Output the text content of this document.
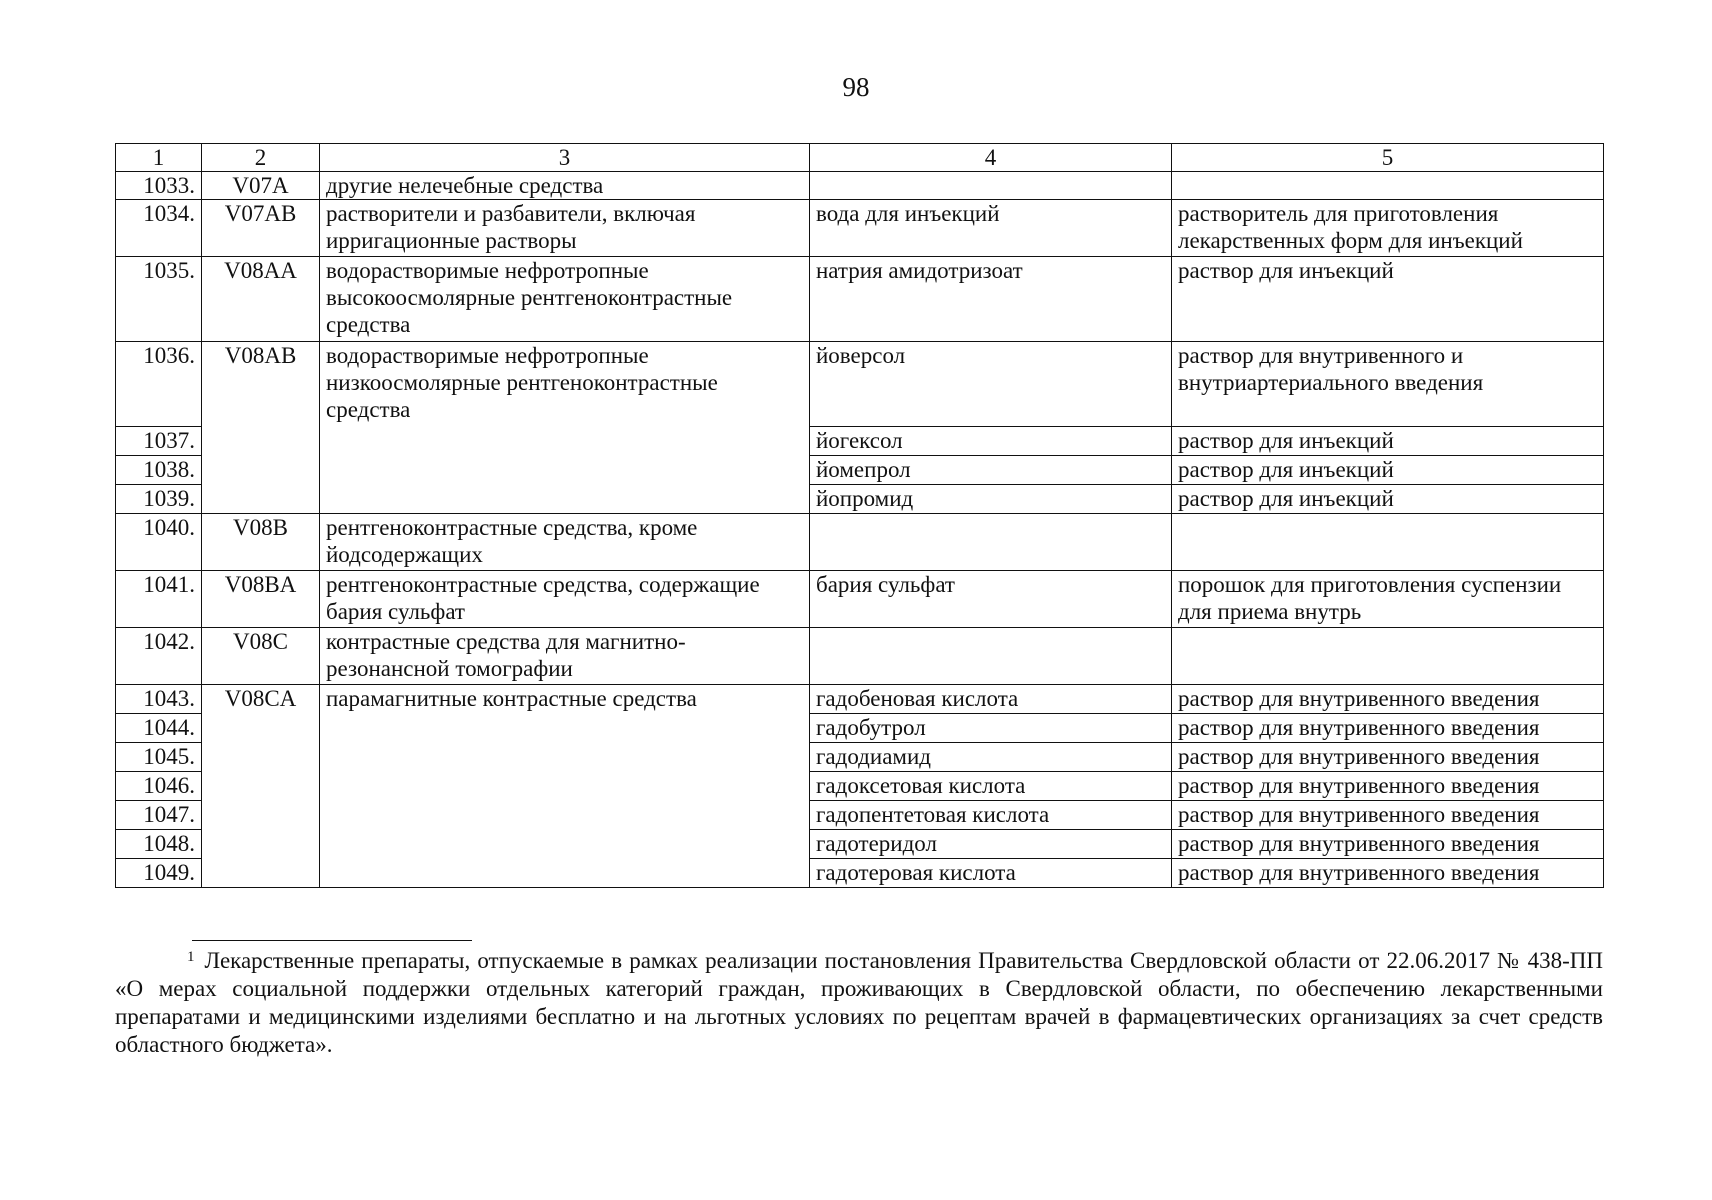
98
1	2	3	4	5
1033.	V07A	другие нелечебные средства		
1034.	V07AB	растворители и разбавители, включая ирригационные растворы	вода для инъекций	растворитель для приготовления лекарственных форм для инъекций
1035.	V08AA	водорастворимые нефротропные высокоосмолярные рентгеноконтрастные средства	натрия амидотризоат	раствор для инъекций
1036.	V08AB	водорастворимые нефротропные низкоосмолярные рентгеноконтрастные средства	йоверсол	раствор для внутривенного и внутриартериального введения
1037.			йогексол	раствор для инъекций
1038.			йомепрол	раствор для инъекций
1039.			йопромид	раствор для инъекций
1040.	V08B	рентгеноконтрастные средства, кроме йодсодержащих		
1041.	V08BA	рентгеноконтрастные средства, содержащие бария сульфат	бария сульфат	порошок для приготовления суспензии для приема внутрь
1042.	V08C	контрастные средства для магнитно-резонансной томографии		
1043.	V08CA	парамагнитные контрастные средства	гадобеновая кислота	раствор для внутривенного введения
1044.			гадобутрол	раствор для внутривенного введения
1045.			гадодиамид	раствор для внутривенного введения
1046.			гадоксетовая кислота	раствор для внутривенного введения
1047.			гадопентетовая кислота	раствор для внутривенного введения
1048.			гадотеридол	раствор для внутривенного введения
1049.			гадотеровая кислота	раствор для внутривенного введения
$^1$ Лекарственные препараты, отпускаемые в рамках реализации постановления Правительства Свердловской области от 22.06.2017 № 438-ПП «О мерах социальной поддержки отдельных категорий граждан, проживающих в Свердловской области, по обеспечению лекарственными препаратами и медицинскими изделиями бесплатно и на льготных условиях по рецептам врачей в фармацевтических организациях за счет средств областного бюджета».
